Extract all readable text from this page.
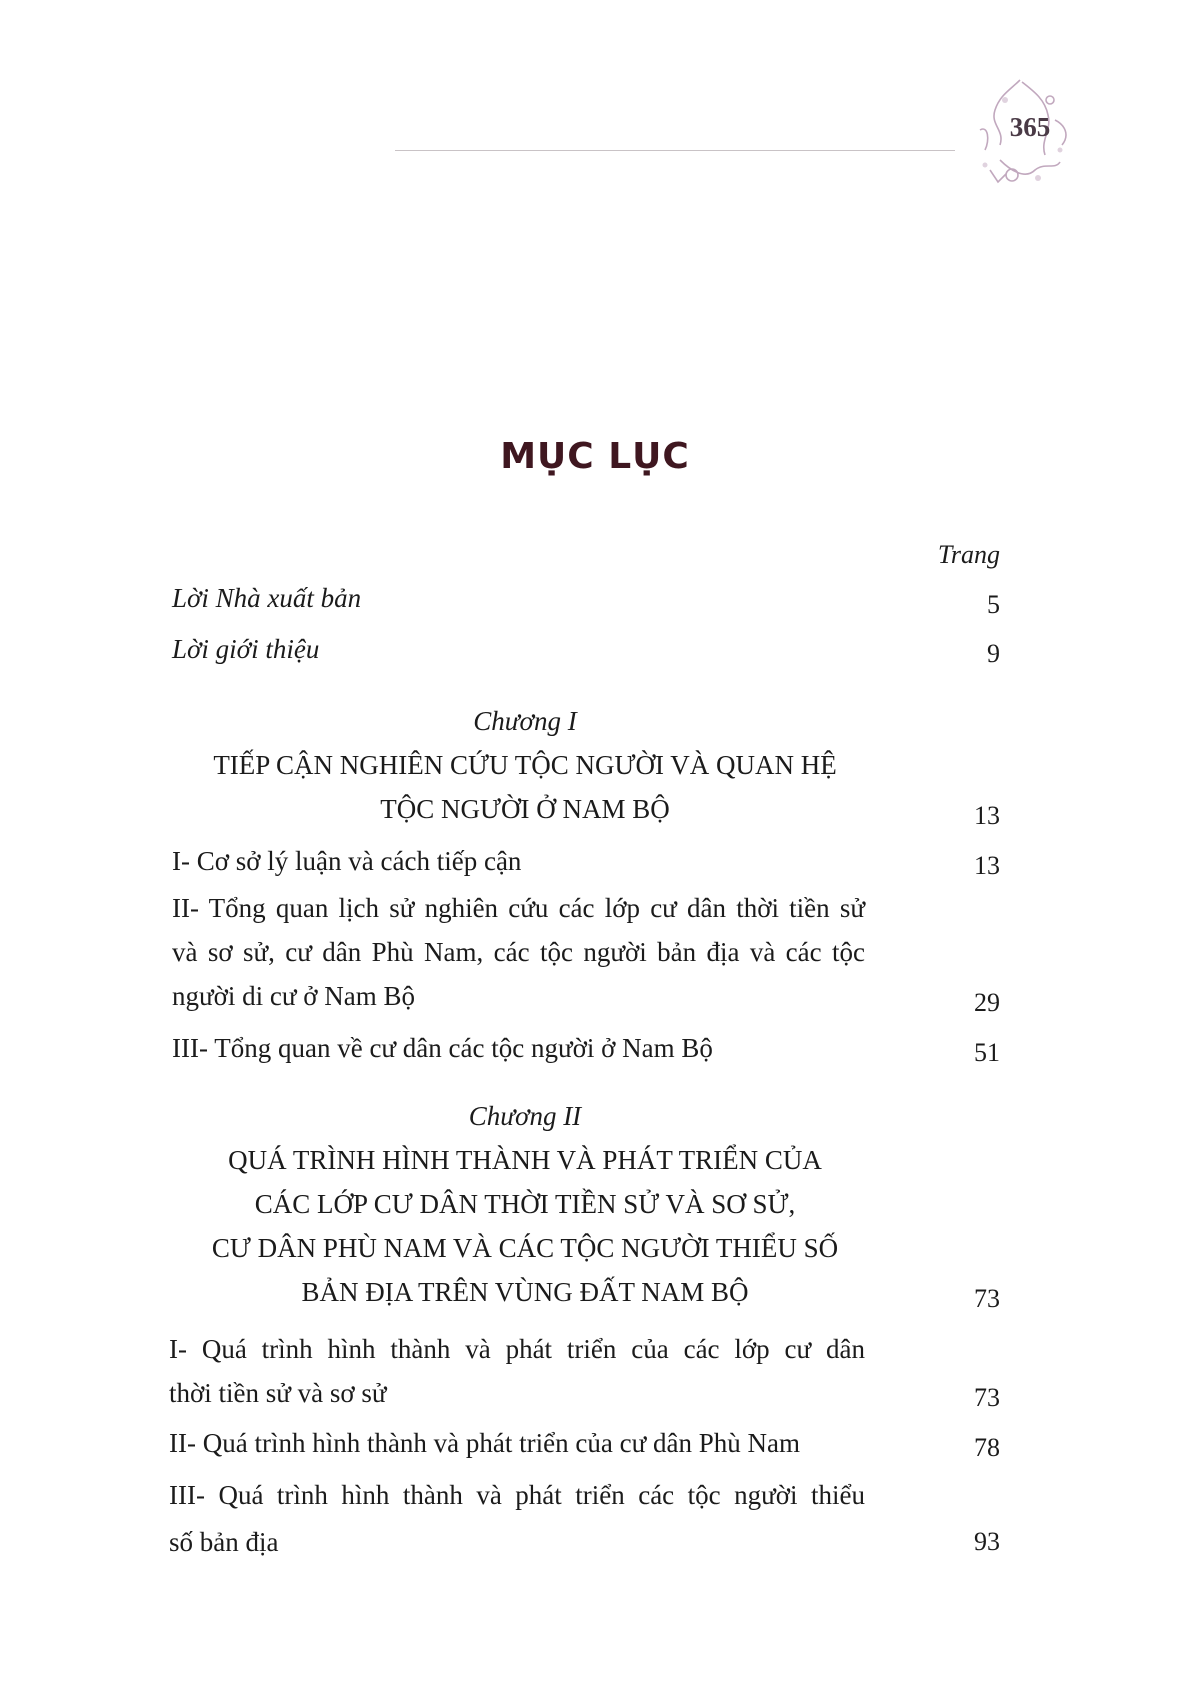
365
MỤC LỤC
Trang
Lời Nhà xuất bản	5
Lời giới thiệu	9
Chương I
TIẾP CẬN NGHIÊN CỨU TỘC NGƯỜI VÀ QUAN HỆ
TỘC NGƯỜI Ở NAM BỘ	13
I- Cơ sở lý luận và cách tiếp cận	13
II- Tổng quan lịch sử nghiên cứu các lớp cư dân thời tiền sử
và sơ sử, cư dân Phù Nam, các tộc người bản địa và các tộc
người di cư ở Nam Bộ	29
III- Tổng quan về cư dân các tộc người ở Nam Bộ	51
Chương II
QUÁ TRÌNH HÌNH THÀNH VÀ PHÁT TRIỂN CỦA
CÁC LỚP CƯ DÂN THỜI TIỀN SỬ VÀ SƠ SỬ,
CƯ DÂN PHÙ NAM VÀ CÁC TỘC NGƯỜI THIỂU SỐ
BẢN ĐỊA TRÊN VÙNG ĐẤT NAM BỘ	73
I- Quá trình hình thành và phát triển của các lớp cư dân
thời tiền sử và sơ sử	73
II- Quá trình hình thành và phát triển của cư dân Phù Nam	78
III- Quá trình hình thành và phát triển các tộc người thiểu
số bản địa	93
